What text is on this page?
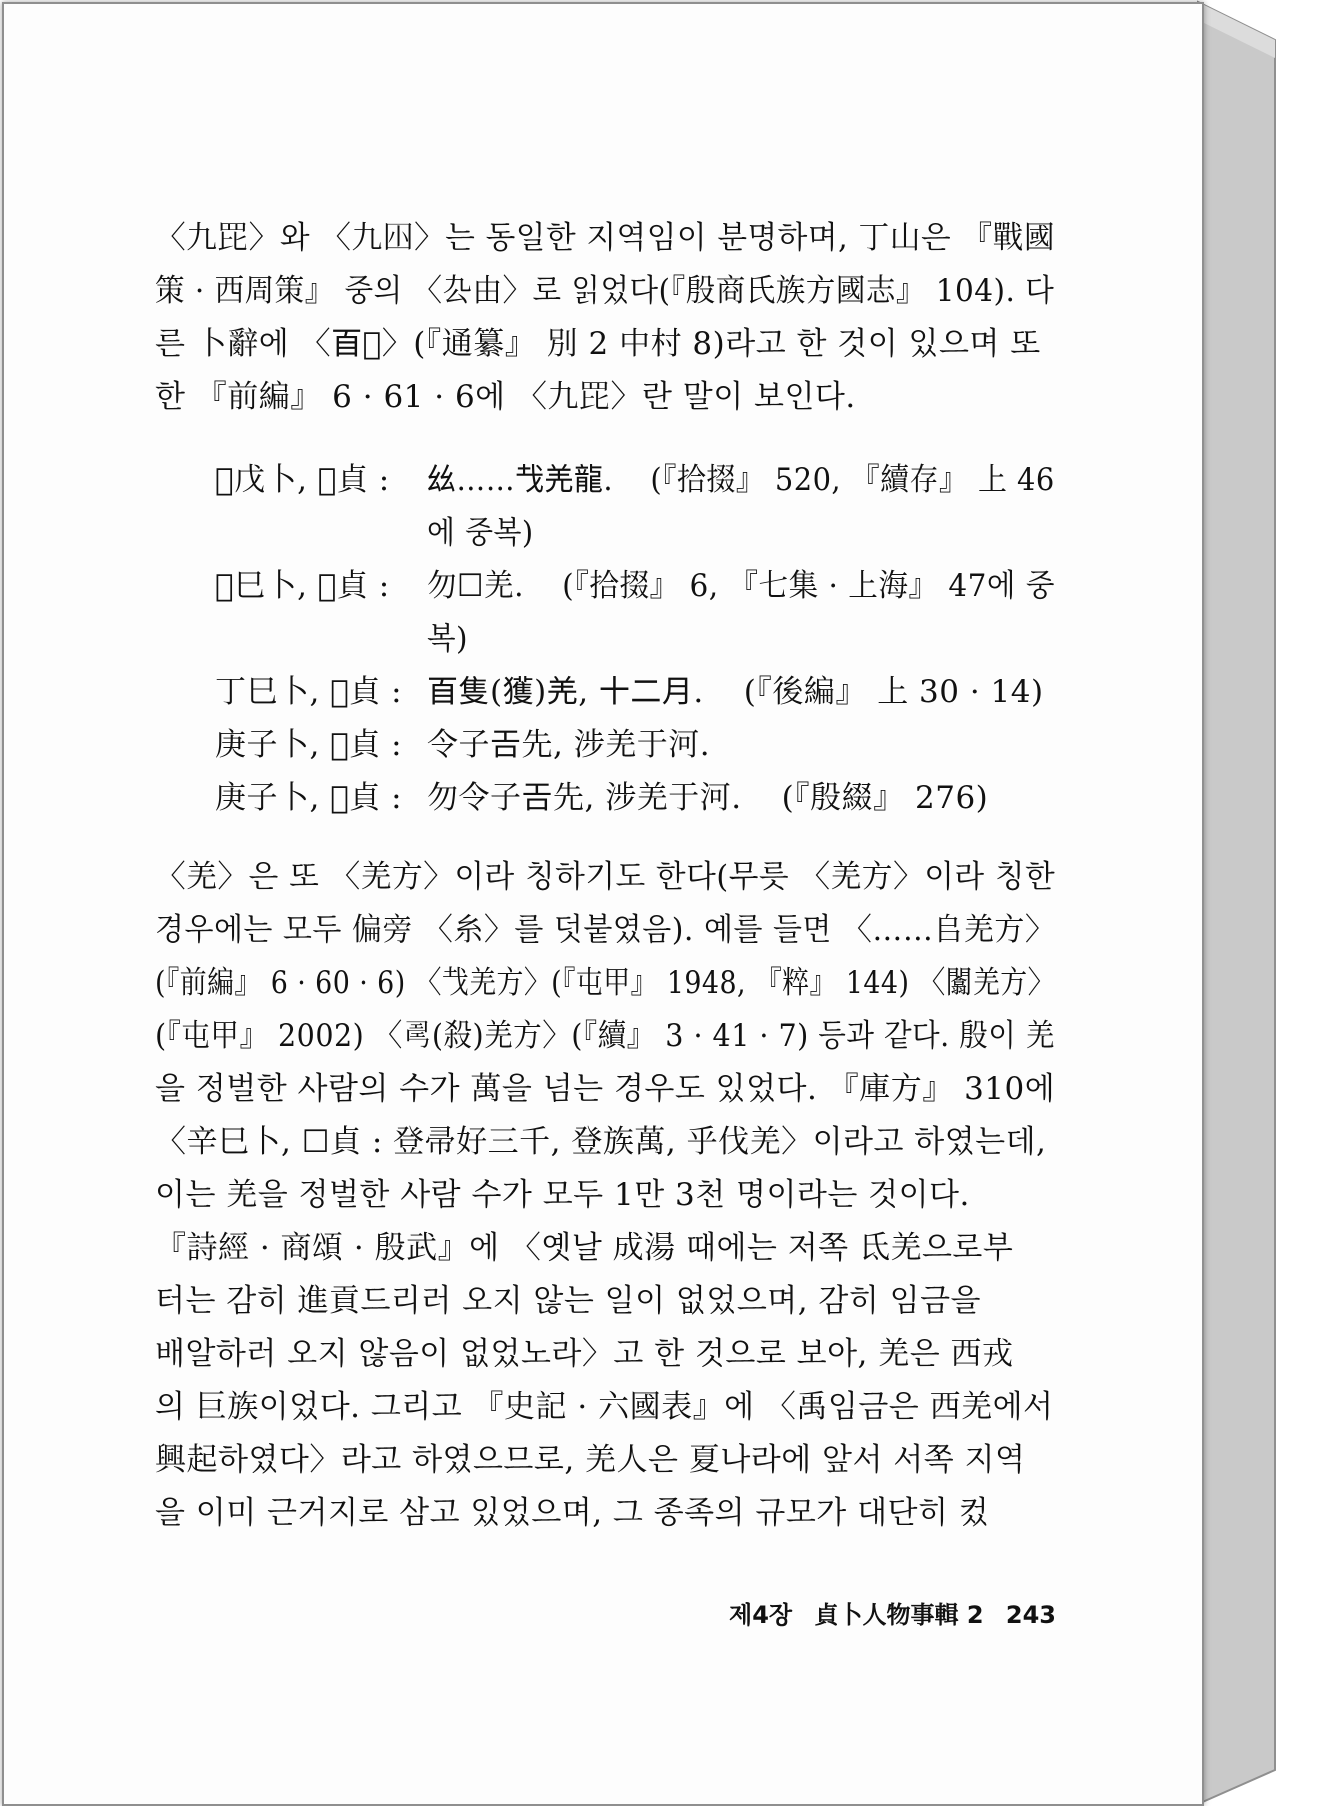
〈九𦊁〉와 〈九𡆧〉는 동일한 지역임이 분명하며, 丁山은 『戰國 策 · 西周策』 중의 〈厹由〉로 읽었다(『殷商氏族方國志』 104). 다
른 卜辭에 〈𦣻𤰔〉(『通纂』 別 2 中村 8)라고 한 것이 있으며 또
한 『前編』 6 · 61 · 6에 〈九𦊁〉란 말이 보인다.

☐戊卜, 𡧊貞 :	𢆶……𢦏羌龍. (『拾掇』 520, 『續存』 上 46
에 중복)
☐巳卜, 𡧊貞 :	勿☐羌. (『拾掇』 6, 『七集 · 上海』 47에 중
복)
丁巳卜, 𡧊貞 : 𦣻隻(獲)羌, 十二月. (『後編』 上 30 · 14)
庚子卜, 𡧊貞 : 令子𢀛先, 涉羌于河.
庚子卜, 𡧊貞 : 勿令子𢀛先, 涉羌于河. (『殷綴』 276)

〈羌〉은 또 〈羌方〉이라 칭하기도 한다(무릇 〈羌方〉이라 칭한 경우에는 모두 偏旁 〈糸〉를 덧붙였음). 예를 들면 〈……𠂤羌方〉 (『前編』 6 · 60 · 6) 〈𢦏羌方〉(『屯甲』 1948, 『粹』 144) 〈闟羌方〉 (『屯甲』 2002) 〈𢏚(殺)羌方〉(『續』 3 · 41 · 7) 등과 같다. 殷이 羌
을 정벌한 사람의 수가 萬을 넘는 경우도 있었다. 『庫方』 310에
〈辛巳卜, ☐貞 : 登帚好三千, 登族萬, 乎伐羌〉이라고 하였는데,
이는 羌을 정벌한 사람 수가 모두 1만 3천 명이라는 것이다.

『詩經 · 商頌 · 殷武』에 〈옛날 成湯 때에는 저쪽 氐羌으로부
터는 감히 進貢드리러 오지 않는 일이 없었으며, 감히 임금을
배알하러 오지 않음이 없었노라〉고 한 것으로 보아, 羌은 西戎
의 巨族이었다. 그리고 『史記 · 六國表』에 〈禹임금은 西羌에서
興起하였다〉라고 하였으므로, 羌人은 夏나라에 앞서 서쪽 지역
을 이미 근거지로 삼고 있었으며, 그 종족의 규모가 대단히 컸

제4장 貞卜人物事輯 2 243
